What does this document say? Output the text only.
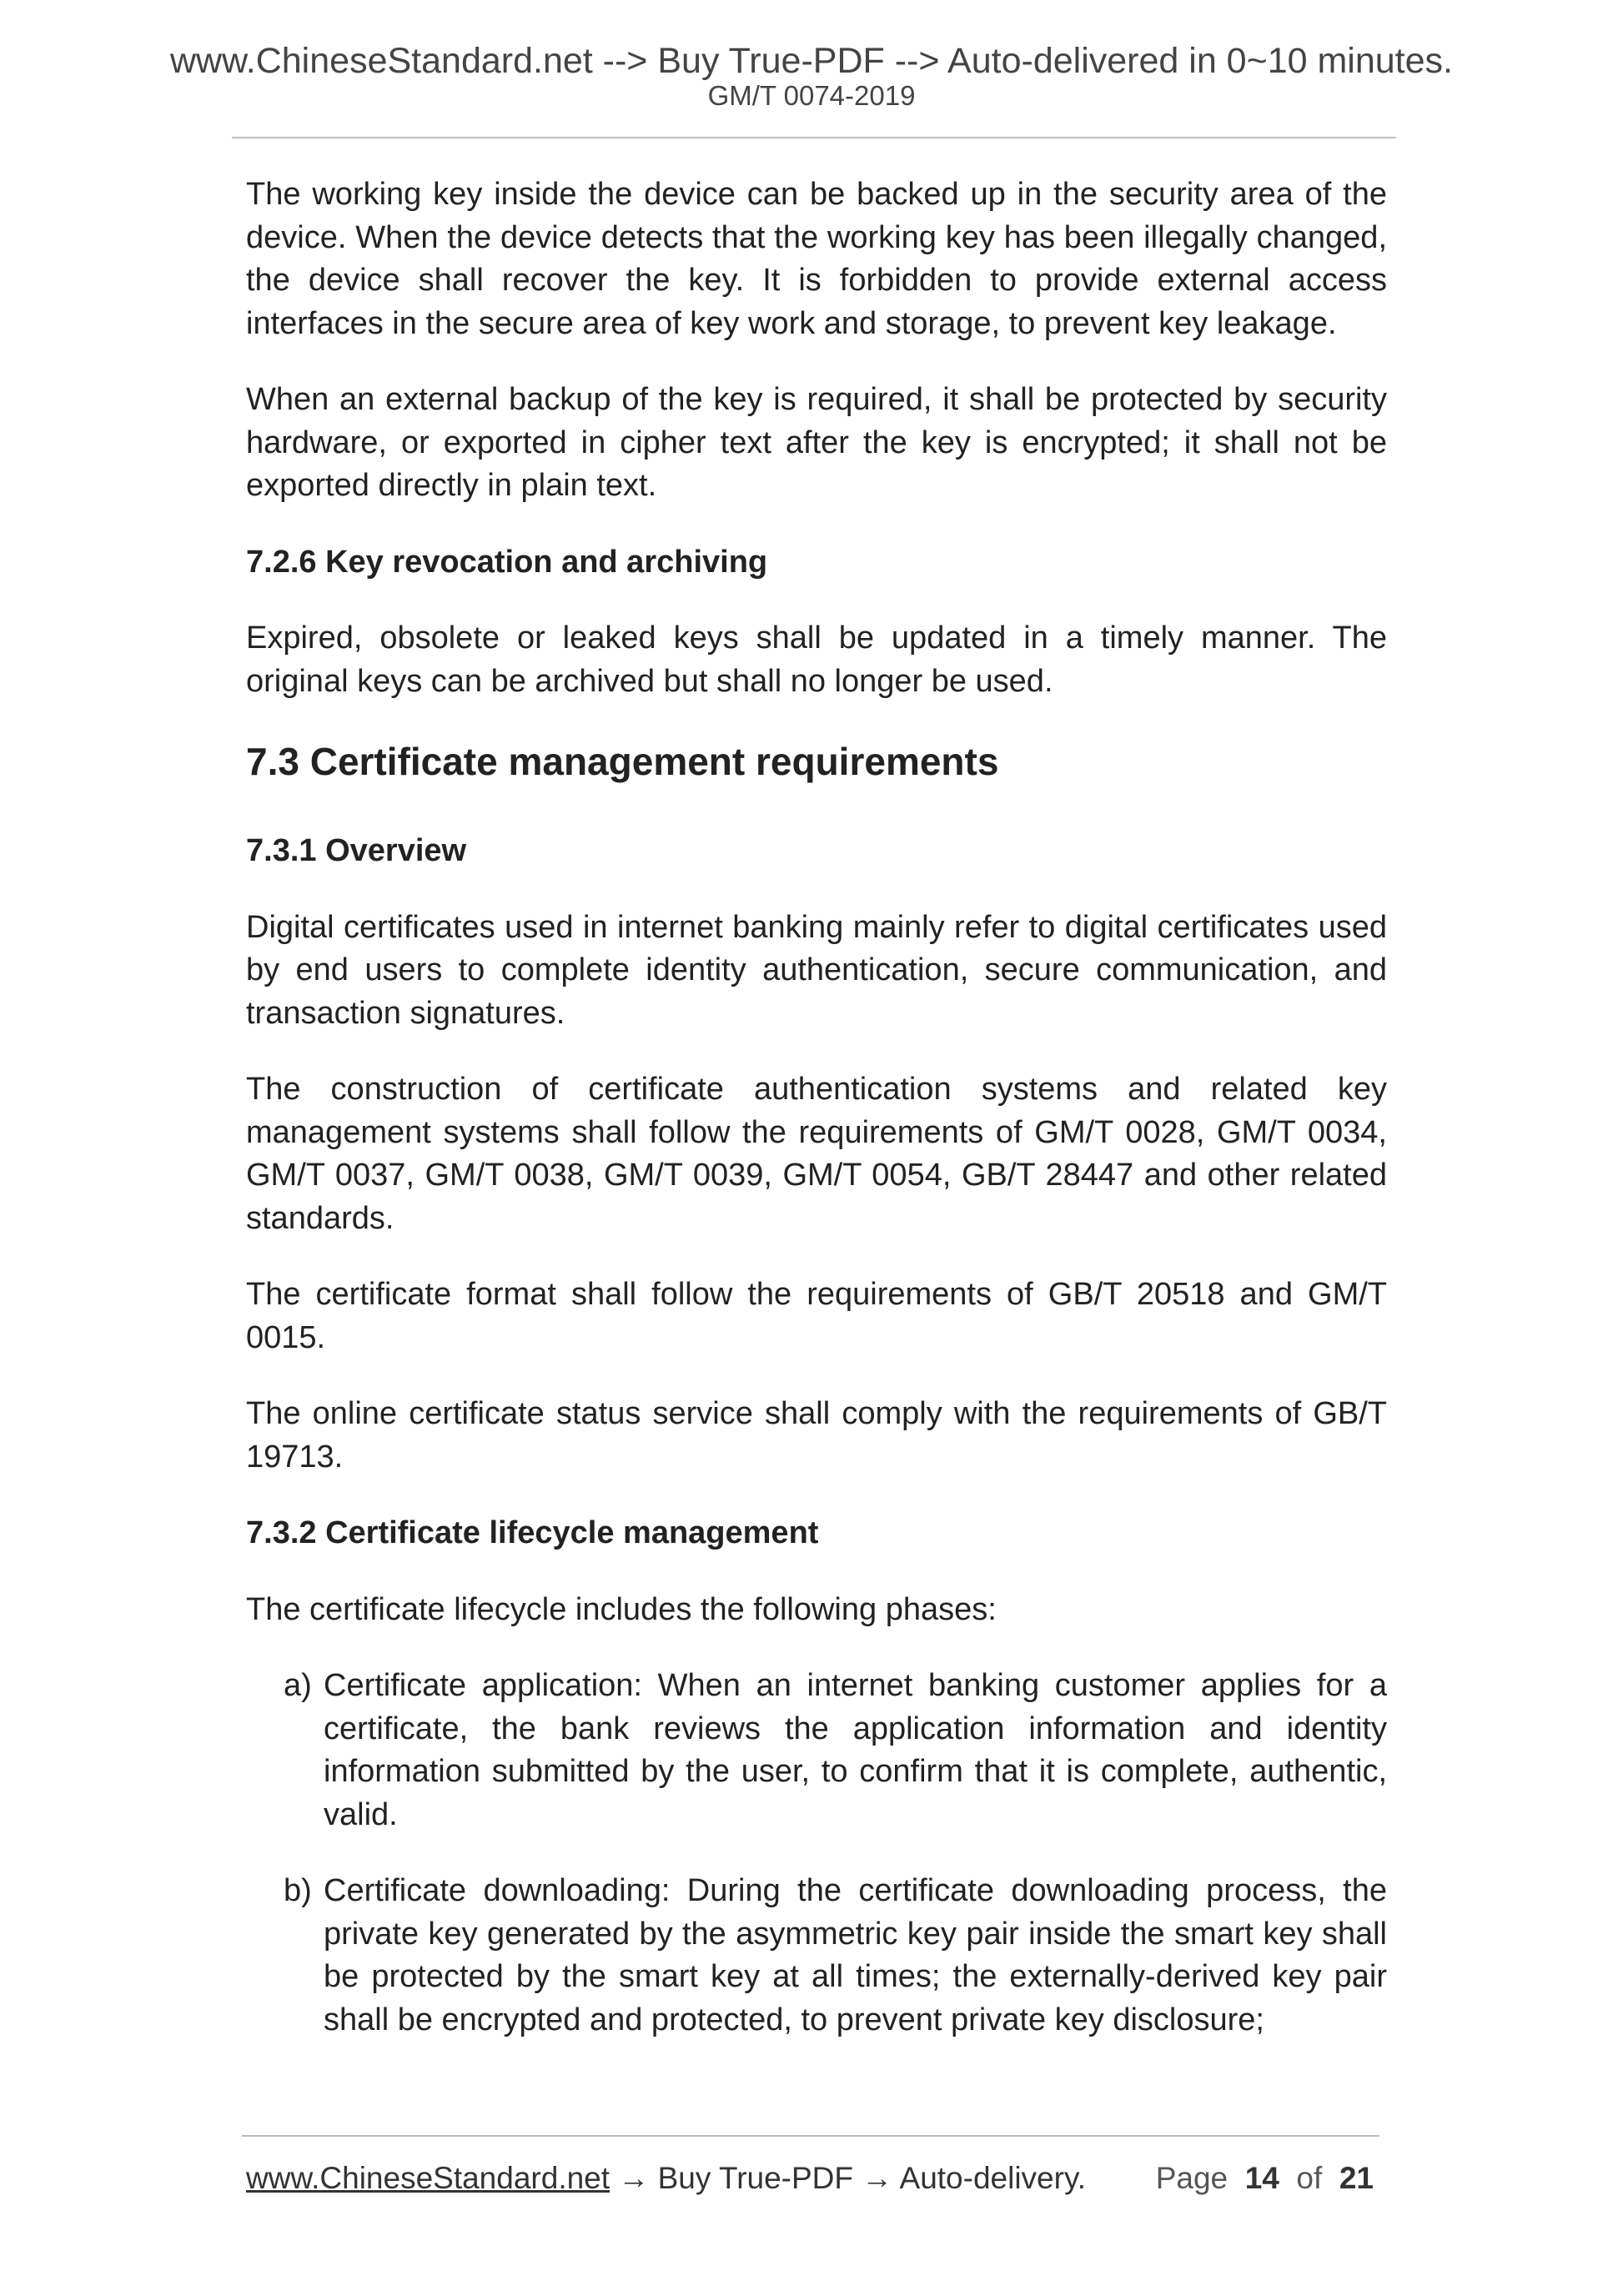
www.ChineseStandard.net --> Buy True-PDF --> Auto-delivered in 0~10 minutes.
GM/T 0074-2019

The working key inside the device can be backed up in the security area of the device. When the device detects that the working key has been illegally changed, the device shall recover the key. It is forbidden to provide external access interfaces in the secure area of key work and storage, to prevent key leakage.

When an external backup of the key is required, it shall be protected by security hardware, or exported in cipher text after the key is encrypted; it shall not be exported directly in plain text.

7.2.6 Key revocation and archiving

Expired, obsolete or leaked keys shall be updated in a timely manner. The original keys can be archived but shall no longer be used.

7.3 Certificate management requirements
7.3.1 Overview

Digital certificates used in internet banking mainly refer to digital certificates used by end users to complete identity authentication, secure communication, and transaction signatures.

The construction of certificate authentication systems and related key management systems shall follow the requirements of GM/T 0028, GM/T 0034, GM/T 0037, GM/T 0038, GM/T 0039, GM/T 0054, GB/T 28447 and other related standards.

The certificate format shall follow the requirements of GB/T 20518 and GM/T 0015.

The online certificate status service shall comply with the requirements of GB/T 19713.

7.3.2 Certificate lifecycle management

The certificate lifecycle includes the following phases:

a) Certificate application: When an internet banking customer applies for a certificate, the bank reviews the application information and identity information submitted by the user, to confirm that it is complete, authentic, valid.
b) Certificate downloading: During the certificate downloading process, the private key generated by the asymmetric key pair inside the smart key shall be protected by the smart key at all times; the externally-derived key pair shall be encrypted and protected, to prevent private key disclosure;
www.ChineseStandard.net → Buy True-PDF → Auto-delivery. Page 14 of 21
